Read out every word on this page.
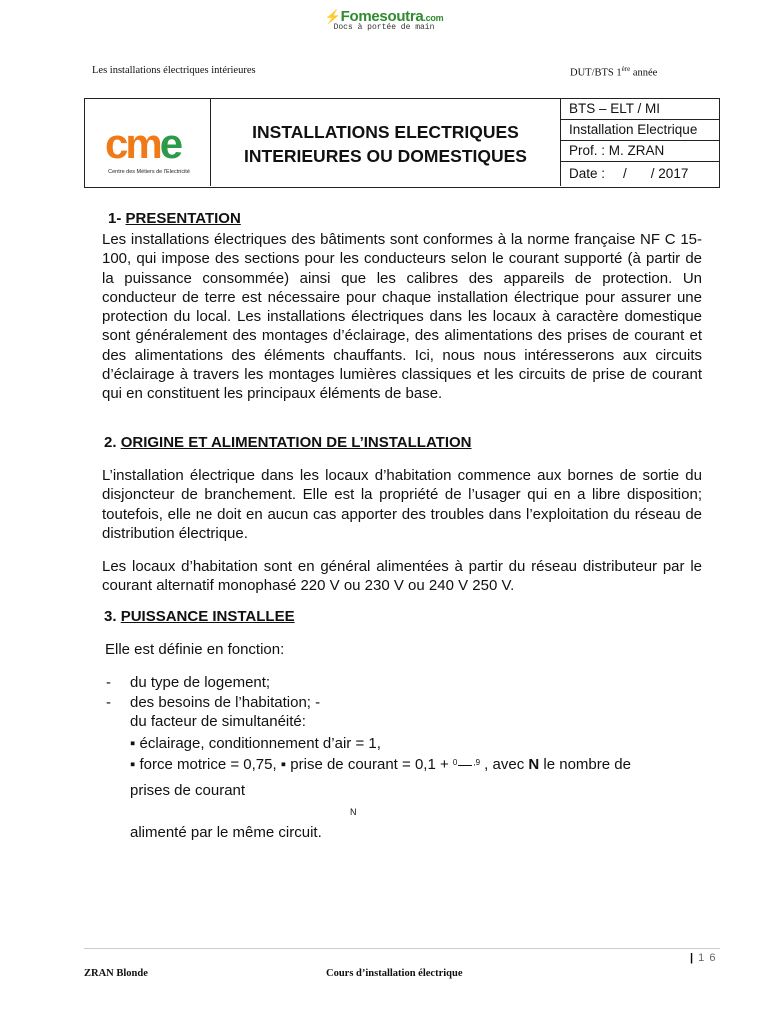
⚡Fomesoutra.com
Docs à portée de main
Les installations électriques intérieures	DUT/BTS 1ère année
cme
Centre des Métiers de l'Electricité
INSTALLATIONS ELECTRIQUES
INTERIEURES OU DOMESTIQUES
BTS – ELT / MI
Installation Electrique
Prof. : M. ZRAN
Date : / / 2017
1- PRESENTATION
Les installations électriques des bâtiments sont conformes à la norme française NF C 15-100, qui impose des sections pour les conducteurs selon le courant supporté (à partir de la puissance consommée) ainsi que les calibres des appareils de protection. Un conducteur de terre est nécessaire pour chaque installation électrique pour assurer une protection du local. Les installations électriques dans les locaux à caractère domestique sont généralement des montages d’éclairage, des alimentations des prises de courant et des alimentations des éléments chauffants. Ici, nous nous intéresserons aux circuits d’éclairage à travers les montages lumières classiques et les circuits de prise de courant qui en constituent les principaux éléments de base.
2. ORIGINE ET ALIMENTATION DE L’INSTALLATION
L’installation électrique dans les locaux d’habitation commence aux bornes de sortie du disjoncteur de branchement. Elle est la propriété de l’usager qui en a libre disposition; toutefois, elle ne doit en aucun cas apporter des troubles dans l’exploitation du réseau de distribution électrique.
Les locaux d’habitation sont en général alimentées à partir du réseau distributeur par le courant alternatif monophasé 220 V ou 230 V ou 240 V 250 V.
3. PUISSANCE INSTALLEE
Elle est définie en fonction:
- du type de logement;
- des besoins de l’habitation; -
du facteur de simultanéité:
▪ éclairage, conditionnement d’air = 1,
▪ force motrice = 0,75, ▪ prise de courant = 0,1 + $^0$ $^{,9}$ , avec N le nombre de
prises de courant
N
alimenté par le même circuit.
| 1 6
ZRAN Blonde	Cours d’installation électrique
